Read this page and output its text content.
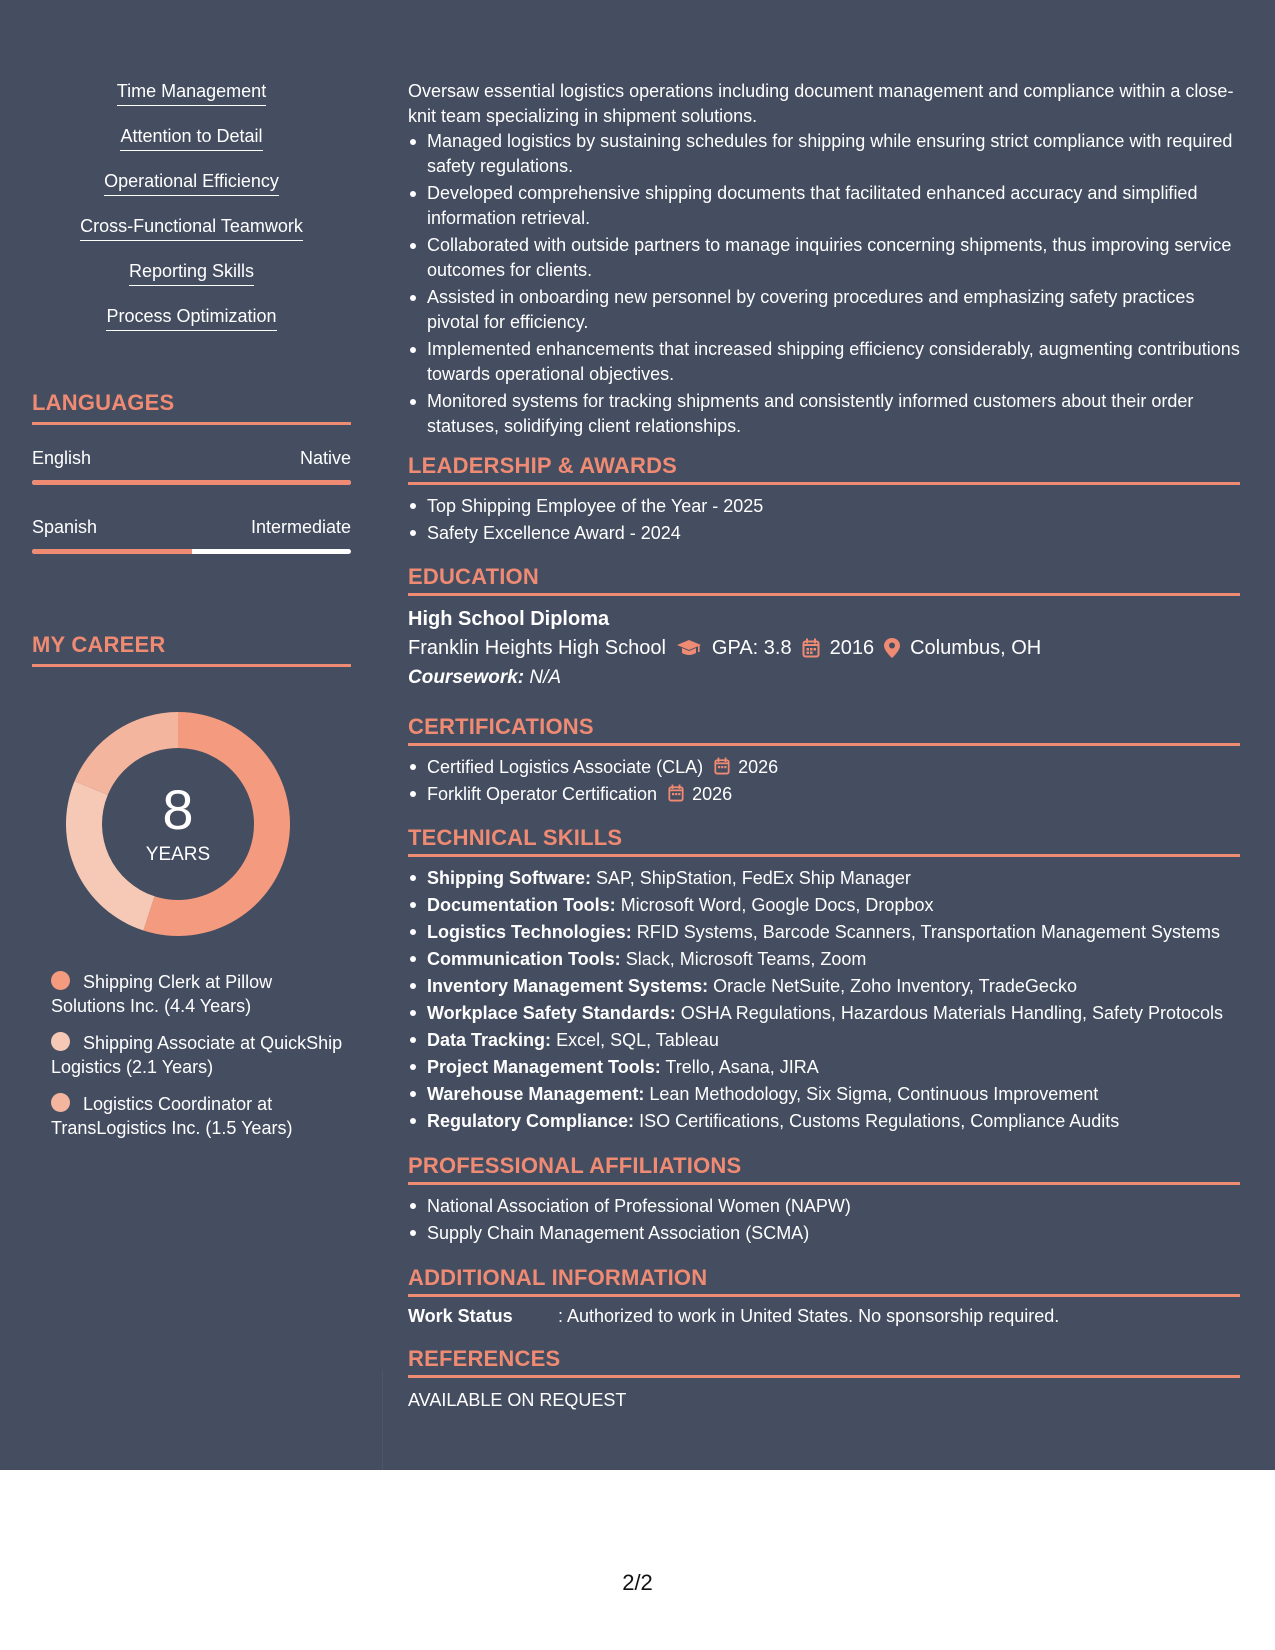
Time Management
Attention to Detail
Operational Efficiency
Cross-Functional Teamwork
Reporting Skills
Process Optimization
LANGUAGES
English	Native
Spanish	Intermediate
MY CAREER
8
YEARS
Shipping Clerk at Pillow Solutions Inc. (4.4 Years)
Shipping Associate at QuickShip Logistics (2.1 Years)
Logistics Coordinator at TransLogistics Inc. (1.5 Years)

Oversaw essential logistics operations including document management and compliance within a close-knit team specializing in shipment solutions.

Managed logistics by sustaining schedules for shipping while ensuring strict compliance with required safety regulations.
Developed comprehensive shipping documents that facilitated enhanced accuracy and simplified information retrieval.
Collaborated with outside partners to manage inquiries concerning shipments, thus improving service outcomes for clients.
Assisted in onboarding new personnel by covering procedures and emphasizing safety practices pivotal for efficiency.
Implemented enhancements that increased shipping efficiency considerably, augmenting contributions towards operational objectives.
Monitored systems for tracking shipments and consistently informed customers about their order statuses, solidifying client relationships.
LEADERSHIP & AWARDS
Top Shipping Employee of the Year - 2025
Safety Excellence Award - 2024
EDUCATION
High School Diploma
Franklin Heights High School GPA: 3.8 2016 Columbus, OH
Coursework: N/A
CERTIFICATIONS
Certified Logistics Associate (CLA) 2026
Forklift Operator Certification 2026
TECHNICAL SKILLS
Shipping Software: SAP, ShipStation, FedEx Ship Manager
Documentation Tools: Microsoft Word, Google Docs, Dropbox
Logistics Technologies: RFID Systems, Barcode Scanners, Transportation Management Systems
Communication Tools: Slack, Microsoft Teams, Zoom
Inventory Management Systems: Oracle NetSuite, Zoho Inventory, TradeGecko
Workplace Safety Standards: OSHA Regulations, Hazardous Materials Handling, Safety Protocols
Data Tracking: Excel, SQL, Tableau
Project Management Tools: Trello, Asana, JIRA
Warehouse Management: Lean Methodology, Six Sigma, Continuous Improvement
Regulatory Compliance: ISO Certifications, Customs Regulations, Compliance Audits
PROFESSIONAL AFFILIATIONS
National Association of Professional Women (NAPW)
Supply Chain Management Association (SCMA)
ADDITIONAL INFORMATION
Work Status	: Authorized to work in United States. No sponsorship required.
REFERENCES
AVAILABLE ON REQUEST
2/2
